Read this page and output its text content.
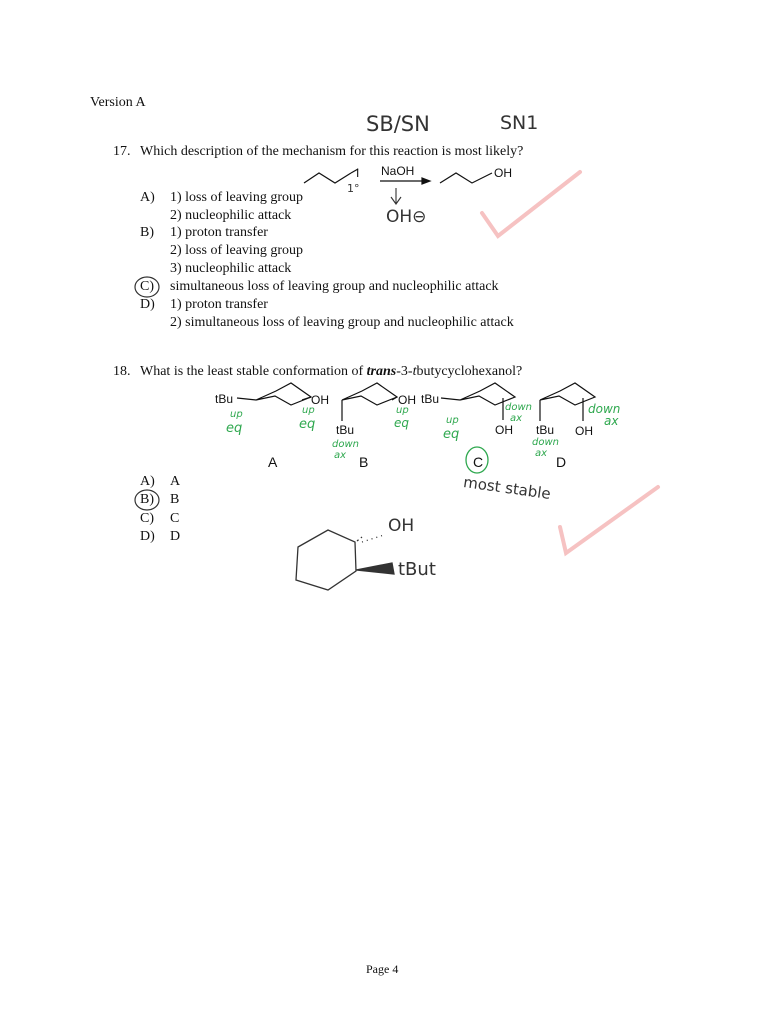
Version A
SB/SN	SN1
17. Which description of the mechanism for this reaction is most likely?
NaOH
I	OH
1°
OH⊖
A) 1) loss of leaving group
2) nucleophilic attack
B) 1) proton transfer
2) loss of leaving group
3) nucleophilic attack
C) simultaneous loss of leaving group and nucleophilic attack
D) 1) proton transfer
2) simultaneous loss of leaving group and nucleophilic attack
18. What is the least stable conformation of trans-3-tbutycyclohexanol?
tBu	OH
tBu
OH tBu
OH tBu OH
A	B	C	D
up
eq
up
eq
down
ax
up
eq	up
eq
down
ax
down
ax
down
ax
most stable
A) A
B) B
C) C
D) D
OH
tBut
Page 4
